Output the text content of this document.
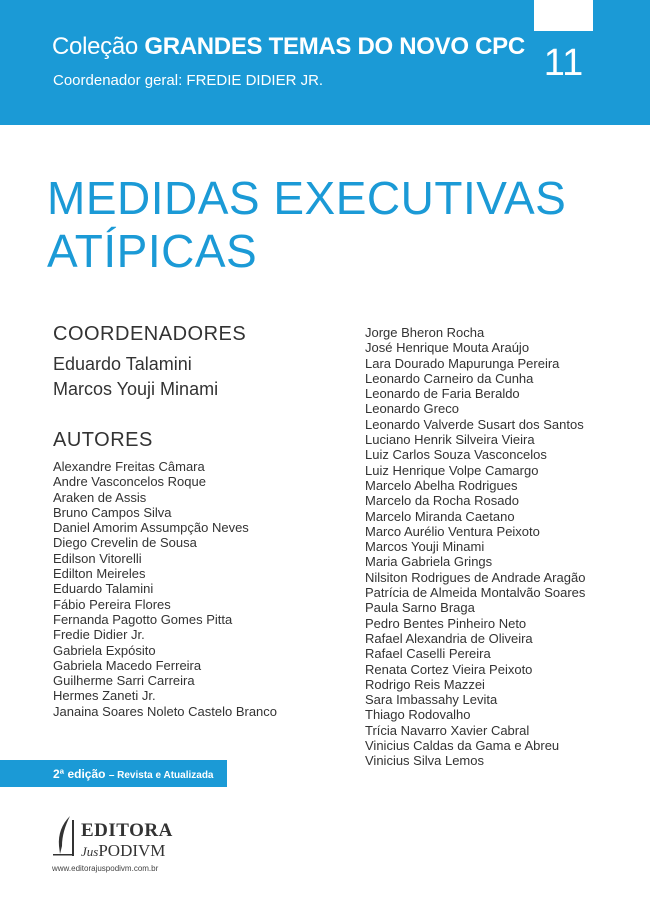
Coleção GRANDES TEMAS DO NOVO CPC
Coordenador geral: FREDIE DIDIER JR.	11
MEDIDAS EXECUTIVAS
ATÍPICAS
COORDENADORES
Eduardo Talamini
Marcos Youji Minami
AUTORES
Alexandre Freitas Câmara
Andre Vasconcelos Roque
Araken de Assis
Bruno Campos Silva
Daniel Amorim Assumpção Neves
Diego Crevelin de Sousa
Edilson Vitorelli
Edilton Meireles
Eduardo Talamini
Fábio Pereira Flores
Fernanda Pagotto Gomes Pitta
Fredie Didier Jr.
Gabriela Expósito
Gabriela Macedo Ferreira
Guilherme Sarri Carreira
Hermes Zaneti Jr.
Janaina Soares Noleto Castelo Branco
Jorge Bheron Rocha
José Henrique Mouta Araújo
Lara Dourado Mapurunga Pereira
Leonardo Carneiro da Cunha
Leonardo de Faria Beraldo
Leonardo Greco
Leonardo Valverde Susart dos Santos
Luciano Henrik Silveira Vieira
Luiz Carlos Souza Vasconcelos
Luiz Henrique Volpe Camargo
Marcelo Abelha Rodrigues
Marcelo da Rocha Rosado
Marcelo Miranda Caetano
Marco Aurélio Ventura Peixoto
Marcos Youji Minami
Maria Gabriela Grings
Nilsiton Rodrigues de Andrade Aragão
Patrícia de Almeida Montalvão Soares
Paula Sarno Braga
Pedro Bentes Pinheiro Neto
Rafael Alexandria de Oliveira
Rafael Caselli Pereira
Renata Cortez Vieira Peixoto
Rodrigo Reis Mazzei
Sara Imbassahy Levita
Thiago Rodovalho
Trícia Navarro Xavier Cabral
Vinicius Caldas da Gama e Abreu
Vinicius Silva Lemos
2ª edição – Revista e Atualizada
EDITORA
JusPODIVM
www.editorajuspodivm.com.br
